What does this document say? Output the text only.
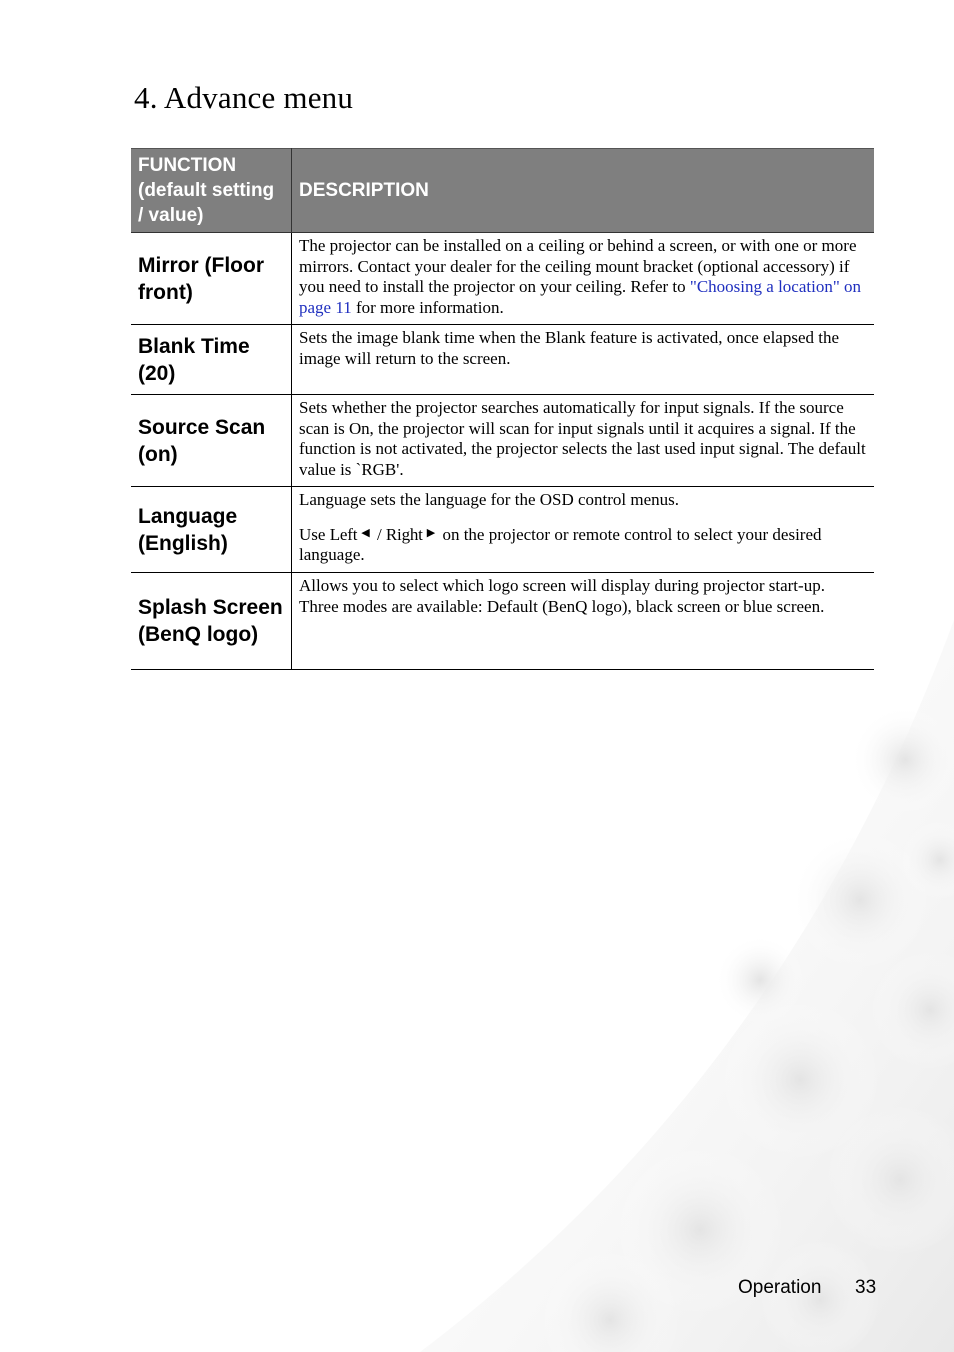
4. Advance menu
FUNCTION (default setting / value)	DESCRIPTION
Mirror (Floor front)	The projector can be installed on a ceiling or behind a screen, or with one or more mirrors. Contact your dealer for the ceiling mount bracket (optional accessory) if you need to install the projector on your ceiling. Refer to "Choosing a location" on page 11 for more information.
Blank Time (20)	Sets the image blank time when the Blank feature is activated, once elapsed the image will return to the screen.
Source Scan (on)	Sets whether the projector searches automatically for input signals. If the source scan is On, the projector will scan for input signals until it acquires a signal. If the function is not activated, the projector selects the last used input signal. The default value is `RGB'.
Language (English)	Language sets the language for the OSD control menus.

Use Left ◀ / Right ▶ on the projector or remote control to select your desired language.

Splash Screen (BenQ logo)	Allows you to select which logo screen will display during projector start-up. Three modes are available: Default (BenQ logo), black screen or blue screen.
Operation 33
